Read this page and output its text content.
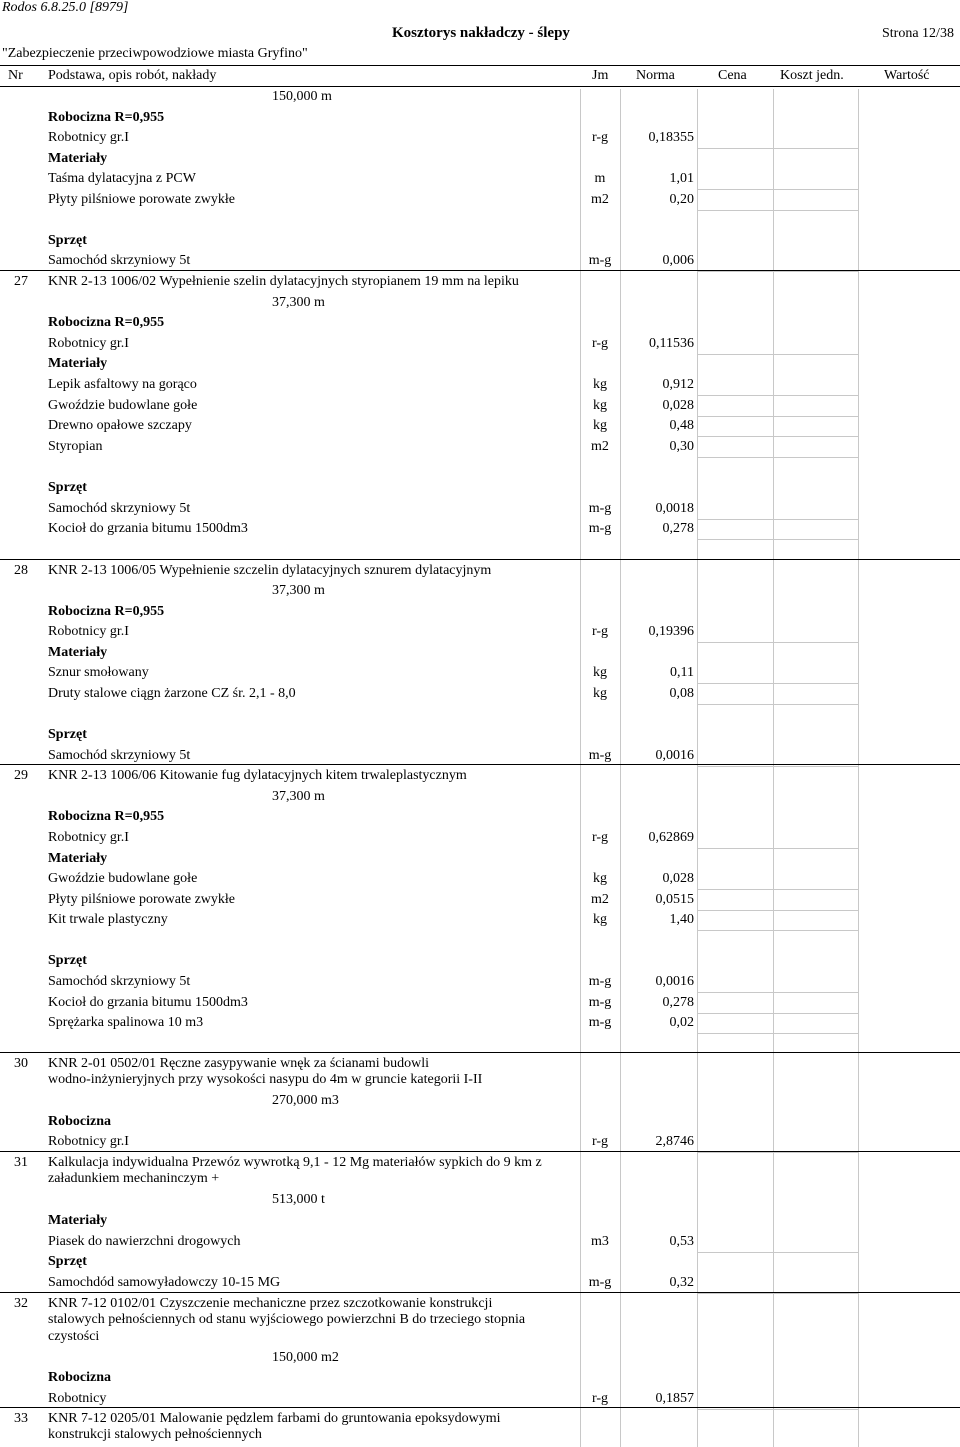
Rodos 6.8.25.0 [8979]
Kosztorys nakładczy - ślepy	Strona 12/38
"Zabezpieczenie przeciwpowodziowe miasta Gryfino"
Nr Podstawa, opis robót, nakłady	Jm Norma	Cena Koszt jedn.	Wartość
150,000 m
Robocizna R=0,955
Robotnicy gr.I	r-g	0,18355
Materiały
Taśma dylatacyjna z PCW	m	1,01
Płyty pilśniowe porowate zwykłe	m2	0,20
Sprzęt
Samochód skrzyniowy 5t	m-g	0,006
27 KNR 2-13 1006/02 Wypełnienie szelin dylatacyjnych styropianem 19 mm na lepiku
37,300 m
Robocizna R=0,955
Robotnicy gr.I	r-g	0,11536
Materiały
Lepik asfaltowy na gorąco	kg	0,912
Gwoździe budowlane gołe	kg	0,028
Drewno opałowe szczapy	kg	0,48
Styropian	m2	0,30
Sprzęt
Samochód skrzyniowy 5t	m-g	0,0018
Kocioł do grzania bitumu 1500dm3	m-g	0,278
28 KNR 2-13 1006/05 Wypełnienie szczelin dylatacyjnych sznurem dylatacyjnym
37,300 m
Robocizna R=0,955
Robotnicy gr.I	r-g	0,19396
Materiały
Sznur smołowany	kg	0,11
Druty stalowe ciągn żarzone CZ śr. 2,1 - 8,0	kg	0,08
Sprzęt
Samochód skrzyniowy 5t	m-g	0,0016
29 KNR 2-13 1006/06 Kitowanie fug dylatacyjnych kitem trwaleplastycznym
37,300 m
Robocizna R=0,955
Robotnicy gr.I	r-g	0,62869
Materiały
Gwoździe budowlane gołe	kg	0,028
Płyty pilśniowe porowate zwykłe	m2	0,0515
Kit trwale plastyczny	kg	1,40
Sprzęt
Samochód skrzyniowy 5t	m-g	0,0016
Kocioł do grzania bitumu 1500dm3	m-g	0,278
Sprężarka spalinowa 10 m3	m-g	0,02
30 KNR 2-01 0502/01 Ręczne zasypywanie wnęk za ścianami budowli
wodno-inżynieryjnych przy wysokości nasypu do 4m w gruncie kategorii I-II
270,000 m3
Robocizna
Robotnicy gr.I	r-g	2,8746
31 Kalkulacja indywidualna Przewóz wywrotką 9,1 - 12 Mg materiałów sypkich do 9 km z
załadunkiem mechaninczym +
513,000 t
Materiały
Piasek do nawierzchni drogowych	m3	0,53
Sprzęt
Samochdód samowyładowczy 10-15 MG	m-g	0,32
32 KNR 7-12 0102/01 Czyszczenie mechaniczne przez szczotkowanie konstrukcji
stalowych pełnościennych od stanu wyjściowego powierzchni B do trzeciego stopnia
czystości
150,000 m2
Robocizna
Robotnicy	r-g	0,1857
33 KNR 7-12 0205/01 Malowanie pędzlem farbami do gruntowania epoksydowymi
konstrukcji stalowych pełnościennych
